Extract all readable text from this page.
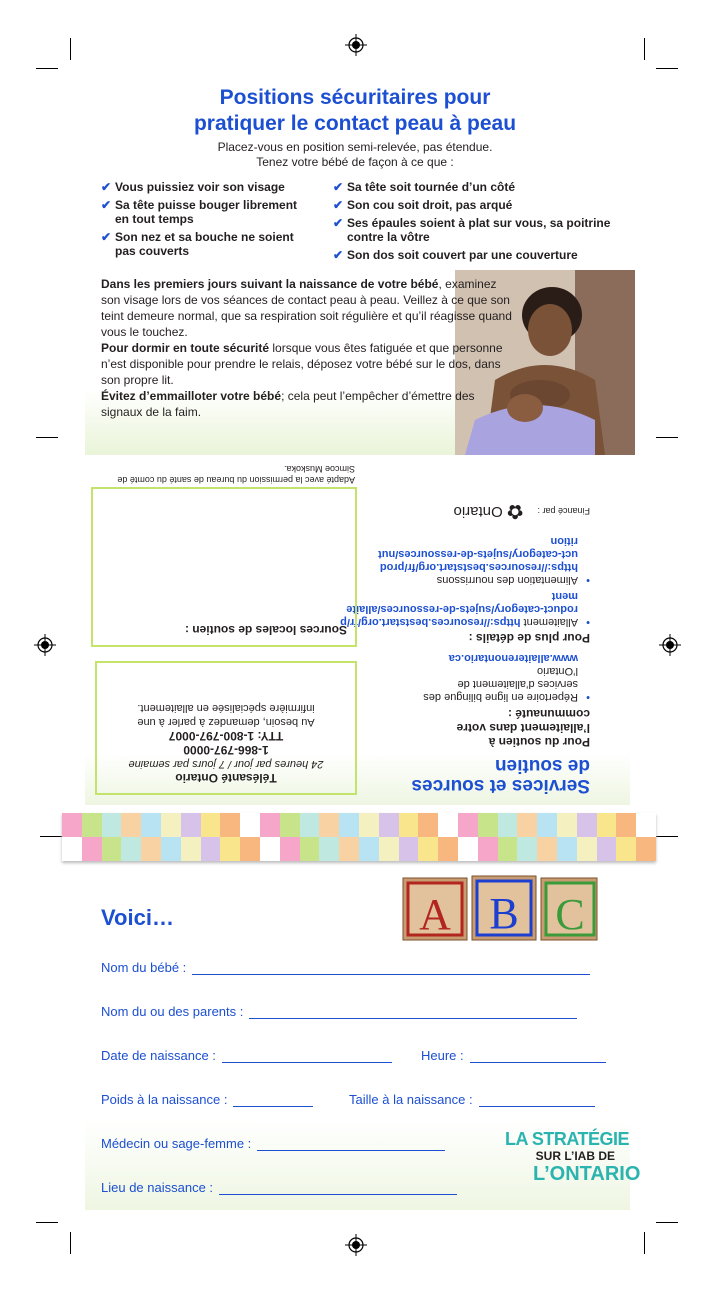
Positions sécuritaires pour
pratiquer le contact peau à peau
Placez-vous en position semi-relevée, pas étendue.
Tenez votre bébé de façon à ce que :
✔ Vous puissiez voir son visage
✔ Sa tête puisse bouger librement en tout temps
✔ Son nez et sa bouche ne soient pas couverts
✔ Sa tête soit tournée d’un côté
✔ Son cou soit droit, pas arqué
✔ Ses épaules soient à plat sur vous, sa poitrine contre la vôtre
✔ Son dos soit couvert par une couverture

Dans les premiers jours suivant la naissance de votre bébé, examinez son visage lors de vos séances de contact peau à peau. Veillez à ce que son teint demeure normal, que sa respiration soit régulière et qu’il réagisse quand vous le touchez.

Pour dormir en toute sécurité lorsque vous êtes fatiguée et que personne n’est disponible pour prendre le relais, déposez votre bébé sur le dos, dans son propre lit.

Évitez d’emmailloter votre bébé; cela peut l’empêcher d’émettre des signaux de la faim.

Services et sources
de soutien
Pour du soutien à l’allaitement dans votre communauté :
•
Répertoire en ligne bilingue des services d’allaitement de l’Ontario
www.allaiterenontario.ca
Pour plus de détails :
•
Allaitement https://resources.beststart.org/fr/product-category/sujets-de-ressources/allaitement
•
Alimentation des nourrissons
https://resources.beststart.org/fr/product-category/sujets-de-ressources/nutrition
Financé par :
✿
Ontario
Télésanté Ontario
24 heures par jour / 7 jours par semaine
1-866-797-0000
TTY: 1-800-797-0007
Au besoin, demandez à parler à une infirmière spécialisée en allaitement.
Sources locales de soutien :
Adapté avec la permission du bureau de santé du comté de Simcoe Muskoka.
Voici…	A B C
Nom du bébé :
Nom du ou des parents :
Date de naissance :	Heure :
Poids à la naissance :	Taille à la naissance :
Médecin ou sage-femme :
Lieu de naissance :
LA STRATÉGIE
SUR L’IAB DE
L’ONTARIO
